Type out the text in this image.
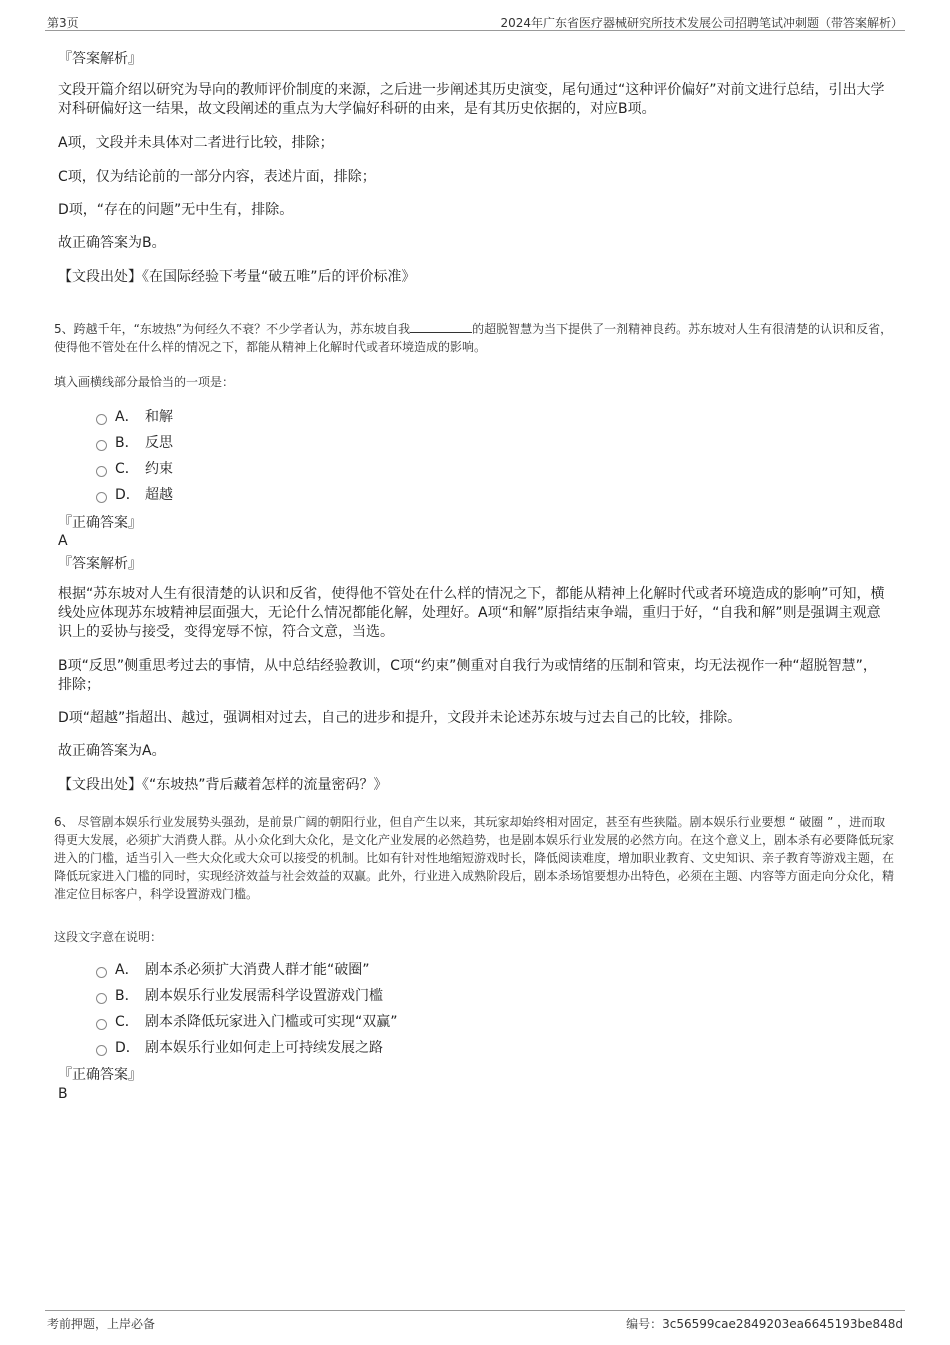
第3页	2024年广东省医疗器械研究所技术发展公司招聘笔试冲刺题（带答案解析）
『答案解析』
文段开篇介绍以研究为导向的教师评价制度的来源，之后进一步阐述其历史演变，尾句通过“这种评价偏好”对前文进行总结，引出大学对科研偏好这一结果，故文段阐述的重点为大学偏好科研的由来，是有其历史依据的，对应B项。
A项，文段并未具体对二者进行比较，排除；
C项，仅为结论前的一部分内容，表述片面，排除；
D项，“存在的问题”无中生有，排除。
故正确答案为B。
【文段出处】《在国际经验下考量“破五唯”后的评价标准》
5、跨越千年，“东坡热”为何经久不衰？不少学者认为，苏东坡自我	的超脱智慧为当下提供了一剂精神良药。苏东坡对人生有很清楚的认识和反省，使得他不管处在什么样的情况之下，都能从精神上化解时代或者环境造成的影响。
填入画横线部分最恰当的一项是：
A． 和解
B． 反思
C． 约束
D． 超越
『正确答案』
A
『答案解析』
根据“苏东坡对人生有很清楚的认识和反省，使得他不管处在什么样的情况之下，都能从精神上化解时代或者环境造成的影响”可知，横线处应体现苏东坡精神层面强大，无论什么情况都能化解，处理好。A项“和解”原指结束争端，重归于好，“自我和解”则是强调主观意识上的妥协与接受，变得宠辱不惊，符合文意，当选。
B项“反思”侧重思考过去的事情，从中总结经验教训，C项“约束”侧重对自我行为或情绪的压制和管束，均无法视作一种“超脱智慧”，排除；
D项“超越”指超出、越过，强调相对过去，自己的进步和提升，文段并未论述苏东坡与过去自己的比较，排除。
故正确答案为A。
【文段出处】《“东坡热”背后藏着怎样的流量密码？》
6、 尽管剧本娱乐行业发展势头强劲，是前景广阔的朝阳行业，但自产生以来，其玩家却始终相对固定，甚至有些狭隘。剧本娱乐行业要想 “ 破圈 ” ，进而取得更大发展，必须扩大消费人群。从小众化到大众化，是文化产业发展的必然趋势，也是剧本娱乐行业发展的必然方向。在这个意义上，剧本杀有必要降低玩家进入的门槛，适当引入一些大众化或大众可以接受的机制。比如有针对性地缩短游戏时长，降低阅读难度，增加职业教育、文史知识、亲子教育等游戏主题，在降低玩家进入门槛的同时，实现经济效益与社会效益的双赢。此外，行业进入成熟阶段后，剧本杀场馆要想办出特色，必须在主题、内容等方面走向分众化，精准定位目标客户，科学设置游戏门槛。
这段文字意在说明：
A． 剧本杀必须扩大消费人群才能“破圈”
B． 剧本娱乐行业发展需科学设置游戏门槛
C． 剧本杀降低玩家进入门槛或可实现“双赢”
D． 剧本娱乐行业如何走上可持续发展之路
『正确答案』
B
考前押题，上岸必备	编号：3c56599cae2849203ea6645193be848d
